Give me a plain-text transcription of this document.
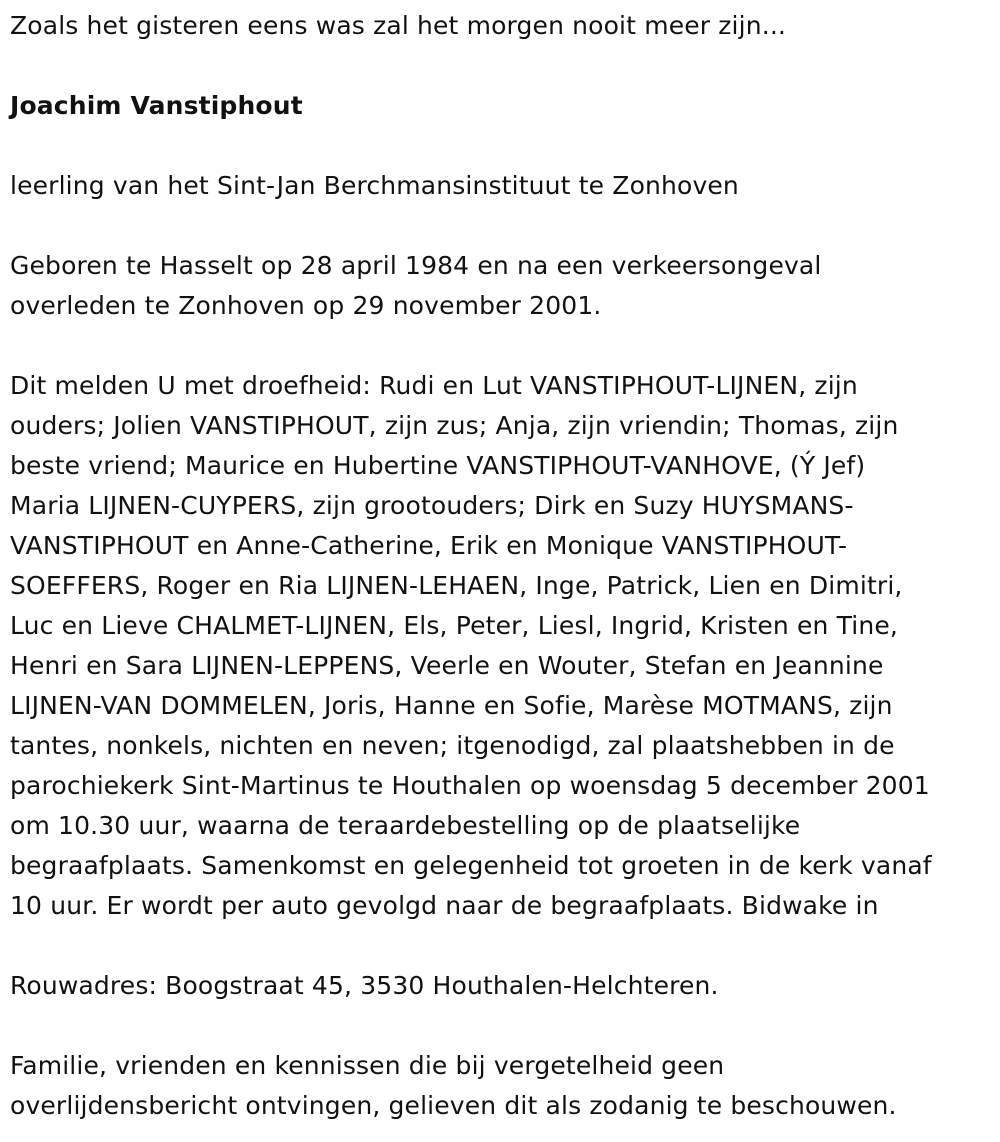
Zoals het gisteren eens was zal het morgen nooit meer zijn...

Joachim Vanstiphout

leerling van het Sint-Jan Berchmansinstituut te Zonhoven

Geboren te Hasselt op 28 april 1984 en na een verkeersongeval
overleden te Zonhoven op 29 november 2001.

Dit melden U met droefheid: Rudi en Lut VANSTIPHOUT-LIJNEN, zijn
ouders; Jolien VANSTIPHOUT, zijn zus; Anja, zijn vriendin; Thomas, zijn
beste vriend; Maurice en Hubertine VANSTIPHOUT-VANHOVE, (Ý Jef)
Maria LIJNEN-CUYPERS, zijn grootouders; Dirk en Suzy HUYSMANS-
VANSTIPHOUT en Anne-Catherine, Erik en Monique VANSTIPHOUT-
SOEFFERS, Roger en Ria LIJNEN-LEHAEN, Inge, Patrick, Lien en Dimitri,
Luc en Lieve CHALMET-LIJNEN, Els, Peter, Liesl, Ingrid, Kristen en Tine,
Henri en Sara LIJNEN-LEPPENS, Veerle en Wouter, Stefan en Jeannine
LIJNEN-VAN DOMMELEN, Joris, Hanne en Sofie, Marèse MOTMANS, zijn
tantes, nonkels, nichten en neven; itgenodigd, zal plaatshebben in de
parochiekerk Sint-Martinus te Houthalen op woensdag 5 december 2001
om 10.30 uur, waarna de teraardebestelling op de plaatselijke
begraafplaats. Samenkomst en gelegenheid tot groeten in de kerk vanaf
10 uur. Er wordt per auto gevolgd naar de begraafplaats. Bidwake in

Rouwadres: Boogstraat 45, 3530 Houthalen-Helchteren.

Familie, vrienden en kennissen die bij vergetelheid geen
overlijdensbericht ontvingen, gelieven dit als zodanig te beschouwen.
